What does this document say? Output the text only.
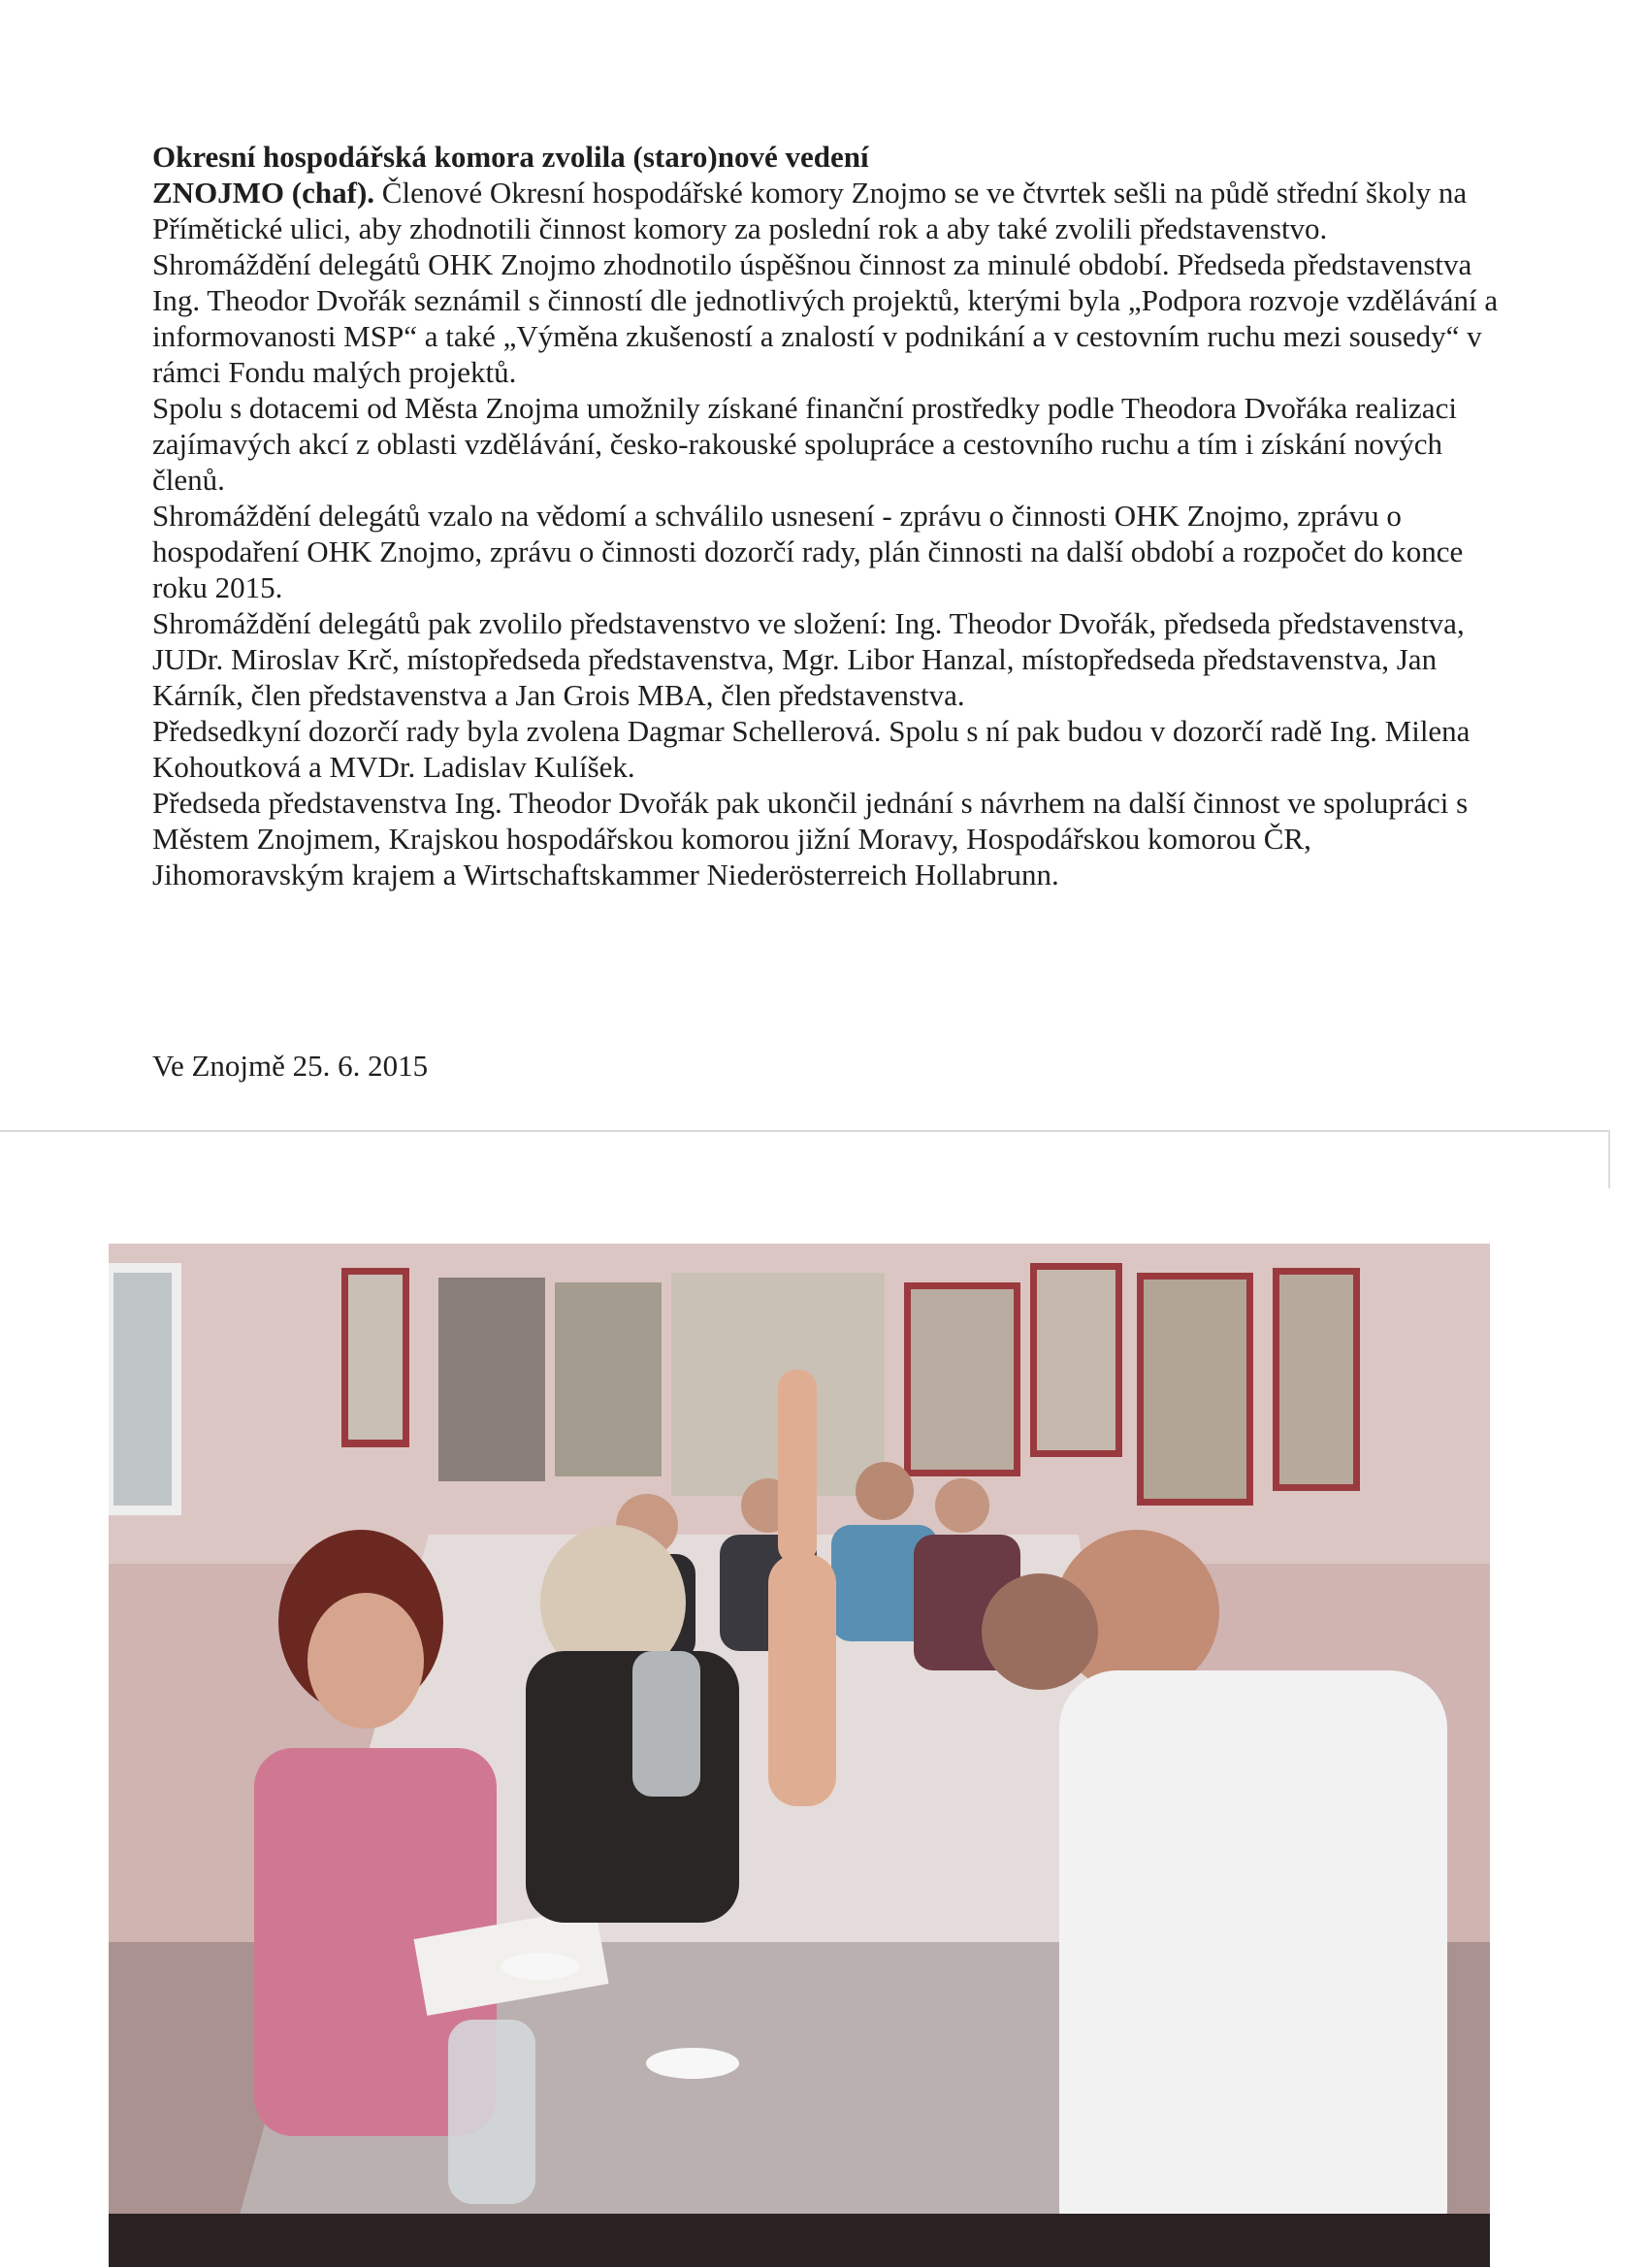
Okresní hospodářská komora zvolila (staro)nové vedení

ZNOJMO (chaf). Členové Okresní hospodářské komory Znojmo se ve čtvrtek sešli na půdě střední školy na Přímětické ulici, aby zhodnotili činnost komory za poslední rok a aby také zvolili představenstvo.

Shromáždění delegátů OHK Znojmo zhodnotilo úspěšnou činnost za minulé období. Předseda představenstva Ing. Theodor Dvořák seznámil s činností dle jednotlivých projektů, kterými byla „Podpora rozvoje vzdělávání a informovanosti MSP“ a také „Výměna zkušeností a znalostí v podnikání a v cestovním ruchu mezi sousedy“ v rámci Fondu malých projektů.

Spolu s dotacemi od Města Znojma umožnily získané finanční prostředky podle Theodora Dvořáka realizaci zajímavých akcí z oblasti vzdělávání, česko-rakouské spolupráce a cestovního ruchu a tím i získání nových členů.

Shromáždění delegátů vzalo na vědomí a schválilo usnesení - zprávu o činnosti OHK Znojmo, zprávu o hospodaření OHK Znojmo, zprávu o činnosti dozorčí rady, plán činnosti na další období a rozpočet do konce roku 2015.

Shromáždění delegátů pak zvolilo představenstvo ve složení: Ing. Theodor Dvořák, předseda představenstva, JUDr. Miroslav Krč, místopředseda představenstva, Mgr. Libor Hanzal, místopředseda představenstva, Jan Kárník, člen představenstva a Jan Grois MBA, člen představenstva.

Předsedkyní dozorčí rady byla zvolena Dagmar Schellerová. Spolu s ní pak budou v dozorčí radě Ing. Milena Kohoutková a MVDr. Ladislav Kulíšek.

Předseda představenstva Ing. Theodor Dvořák pak ukončil jednání s návrhem na další činnost ve spolupráci s Městem Znojmem, Krajskou hospodářskou komorou jižní Moravy, Hospodářskou komorou ČR, Jihomoravským krajem a Wirtschaftskammer Niederösterreich Hollabrunn.

Ve Znojmě 25. 6. 2015
